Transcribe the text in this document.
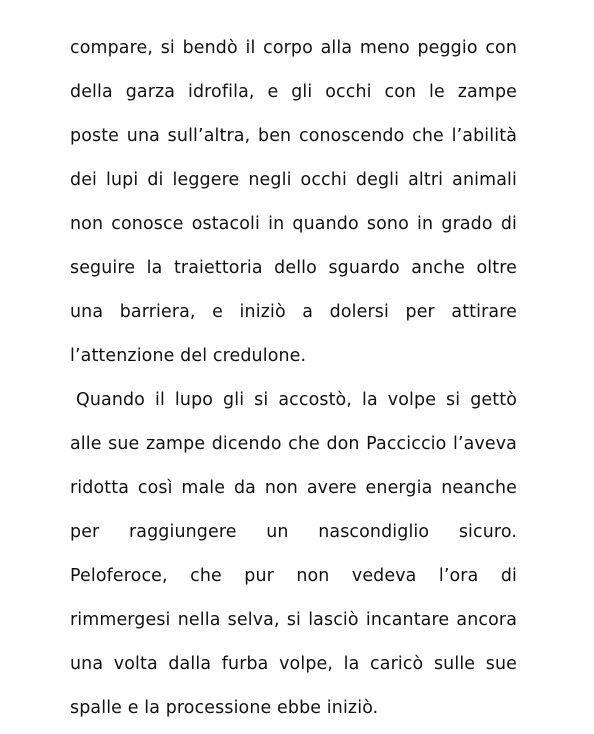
compare, si bendò il corpo alla meno peggio con
della garza idrofila, e gli occhi con le zampe
poste una sull’altra, ben conoscendo che l’abilità
dei lupi di leggere negli occhi degli altri animali
non conosce ostacoli in quando sono in grado di
seguire la traiettoria dello sguardo anche oltre
una barriera, e iniziò a dolersi per attirare
l’attenzione del credulone.
Quando il lupo gli si accostò, la volpe si gettò
alle sue zampe dicendo che don Pacciccio l’aveva
ridotta così male da non avere energia neanche
per raggiungere un nascondiglio sicuro.
Peloferoce, che pur non vedeva l’ora di
rimmergesi nella selva, si lasciò incantare ancora
una volta dalla furba volpe, la caricò sulle sue
spalle e la processione ebbe iniziò.
